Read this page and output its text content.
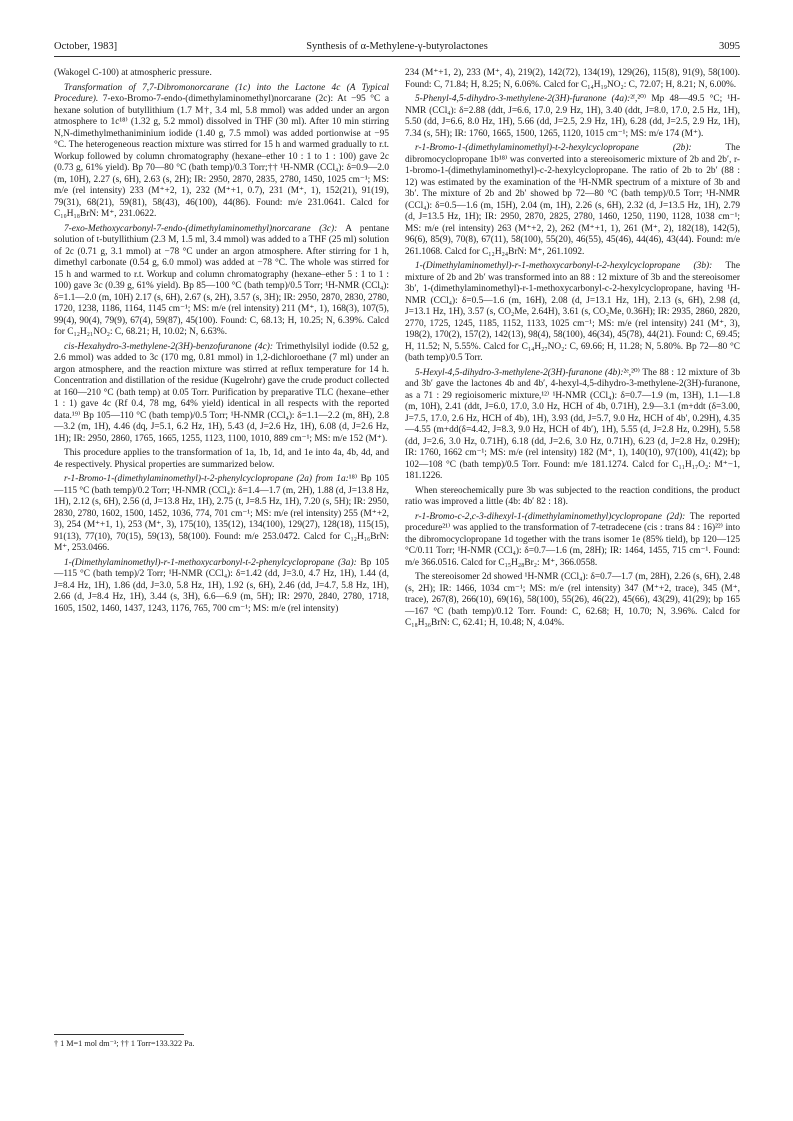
October, 1983]	Synthesis of α-Methylene-γ-butyrolactones	3095

(Wakogel C-100) at atmospheric pressure.

Transformation of 7,7-Dibromonorcarane (1c) into the Lactone 4c (A Typical Procedure). 7-exo-Bromo-7-endo-(dimethylaminomethyl)norcarane (2c): At −95 °C a hexane solution of butyllithium (1.7 M†, 3.4 ml, 5.8 mmol) was added under an argon atmosphere to 1c¹⁸⁾ (1.32 g, 5.2 mmol) dissolved in THF (30 ml). After 10 min stirring N,N-dimethylmethaniminium iodide (1.40 g, 7.5 mmol) was added portionwise at −95 °C. The heterogeneous reaction mixture was stirred for 15 h and warmed gradually to r.t. Workup followed by column chromatography (hexane–ether 10 : 1 to 1 : 100) gave 2c (0.73 g, 61% yield). Bp 70—80 °C (bath temp)/0.3 Torr;†† ¹H-NMR (CCl₄): δ=0.9—2.0 (m, 10H), 2.27 (s, 6H), 2.63 (s, 2H); IR: 2950, 2870, 2835, 2780, 1450, 1025 cm⁻¹; MS: m/e (rel intensity) 233 (M⁺+2, 1), 232 (M⁺+1, 0.7), 231 (M⁺, 1), 152(21), 91(19), 79(31), 68(21), 59(81), 58(43), 46(100), 44(86). Found: m/e 231.0641. Calcd for C₁₀H₁₈BrN: M⁺, 231.0622.

7-exo-Methoxycarbonyl-7-endo-(dimethylaminomethyl)norcarane (3c): A pentane solution of t-butyllithium (2.3 M, 1.5 ml, 3.4 mmol) was added to a THF (25 ml) solution of 2c (0.71 g, 3.1 mmol) at −78 °C under an argon atmosphere. After stirring for 1 h, dimethyl carbonate (0.54 g, 6.0 mmol) was added at −78 °C. The whole was stirred for 15 h and warmed to r.t. Workup and column chromatography (hexane–ether 5 : 1 to 1 : 100) gave 3c (0.39 g, 61% yield). Bp 85—100 °C (bath temp)/0.5 Torr; ¹H-NMR (CCl₄): δ=1.1—2.0 (m, 10H) 2.17 (s, 6H), 2.67 (s, 2H), 3.57 (s, 3H); IR: 2950, 2870, 2830, 2780, 1720, 1238, 1186, 1164, 1145 cm⁻¹; MS: m/e (rel intensity) 211 (M⁺, 1), 168(3), 107(5), 99(4), 90(4), 79(9), 67(4), 59(87), 45(100). Found: C, 68.13; H, 10.25; N, 6.39%. Calcd for C₁₂H₂₁NO₂: C, 68.21; H, 10.02; N, 6.63%.

cis-Hexahydro-3-methylene-2(3H)-benzofuranone (4c): Trimethylsilyl iodide (0.52 g, 2.6 mmol) was added to 3c (170 mg, 0.81 mmol) in 1,2-dichloroethane (7 ml) under an argon atmosphere, and the reaction mixture was stirred at reflux temperature for 14 h. Concentration and distillation of the residue (Kugelrohr) gave the crude product collected at 160—210 °C (bath temp) at 0.05 Torr. Purification by preparative TLC (hexane–ether 1 : 1) gave 4c (Rf 0.4, 78 mg, 64% yield) identical in all respects with the reported data.¹⁹⁾ Bp 105—110 °C (bath temp)/0.5 Torr; ¹H-NMR (CCl₄): δ=1.1—2.2 (m, 8H), 2.8—3.2 (m, 1H), 4.46 (dq, J=5.1, 6.2 Hz, 1H), 5.43 (d, J=2.6 Hz, 1H), 6.08 (d, J=2.6 Hz, 1H); IR: 2950, 2860, 1765, 1665, 1255, 1123, 1100, 1010, 889 cm⁻¹; MS: m/e 152 (M⁺).

This procedure applies to the transformation of 1a, 1b, 1d, and 1e into 4a, 4b, 4d, and 4e respectively. Physical properties are summarized below.

r-1-Bromo-1-(dimethylaminomethyl)-t-2-phenylcyclopropane (2a) from 1a:¹⁸⁾ Bp 105—115 °C (bath temp)/0.2 Torr; ¹H-NMR (CCl₄): δ=1.4—1.7 (m, 2H), 1.88 (d, J=13.8 Hz, 1H), 2.12 (s, 6H), 2.56 (d, J=13.8 Hz, 1H), 2.75 (t, J=8.5 Hz, 1H), 7.20 (s, 5H); IR: 2950, 2830, 2780, 1602, 1500, 1452, 1036, 774, 701 cm⁻¹; MS: m/e (rel intensity) 255 (M⁺+2, 3), 254 (M⁺+1, 1), 253 (M⁺, 3), 175(10), 135(12), 134(100), 129(27), 128(18), 115(15), 91(13), 77(10), 70(15), 59(13), 58(100). Found: m/e 253.0472. Calcd for C₁₂H₁₆BrN: M⁺, 253.0466.

1-(Dimethylaminomethyl)-r-1-methoxycarbonyl-t-2-phenylcyclopropane (3a): Bp 105—115 °C (bath temp)/2 Torr; ¹H-NMR (CCl₄): δ=1.42 (dd, J=3.0, 4.7 Hz, 1H), 1.44 (d, J=8.4 Hz, 1H), 1.86 (dd, J=3.0, 5.8 Hz, 1H), 1.92 (s, 6H), 2.46 (dd, J=4.7, 5.8 Hz, 1H), 2.66 (d, J=8.4 Hz, 1H), 3.44 (s, 3H), 6.6—6.9 (m, 5H); IR: 2970, 2840, 2780, 1718, 1605, 1502, 1460, 1437, 1243, 1176, 765, 700 cm⁻¹; MS: m/e (rel intensity)

234 (M⁺+1, 2), 233 (M⁺, 4), 219(2), 142(72), 134(19), 129(26), 115(8), 91(9), 58(100). Found: C, 71.84; H, 8.25; N, 6.06%. Calcd for C₁₄H₁₉NO₂: C, 72.07; H, 8.21; N, 6.00%.

5-Phenyl-4,5-dihydro-3-methylene-2(3H)-furanone (4a):²ᶠ,²⁰⁾ Mp 48—49.5 °C; ¹H-NMR (CCl₄): δ=2.88 (ddt, J=6.6, 17.0, 2.9 Hz, 1H), 3.40 (ddt, J=8.0, 17.0, 2.5 Hz, 1H), 5.50 (dd, J=6.6, 8.0 Hz, 1H), 5.66 (dd, J=2.5, 2.9 Hz, 1H), 6.28 (dd, J=2.5, 2.9 Hz, 1H), 7.34 (s, 5H); IR: 1760, 1665, 1500, 1265, 1120, 1015 cm⁻¹; MS: m/e 174 (M⁺).

r-1-Bromo-1-(dimethylaminomethyl)-t-2-hexylcyclopropane (2b): The dibromocyclopropane 1b¹⁸⁾ was converted into a stereoisomeric mixture of 2b and 2b′, r-1-bromo-1-(dimethylaminomethyl)-c-2-hexylcyclopropane. The ratio of 2b to 2b′ (88 : 12) was estimated by the examination of the ¹H-NMR spectrum of a mixture of 3b and 3b′. The mixture of 2b and 2b′ showed bp 72—80 °C (bath temp)/0.5 Torr; ¹H-NMR (CCl₄): δ=0.5—1.6 (m, 15H), 2.04 (m, 1H), 2.26 (s, 6H), 2.32 (d, J=13.5 Hz, 1H), 2.79 (d, J=13.5 Hz, 1H); IR: 2950, 2870, 2825, 2780, 1460, 1250, 1190, 1128, 1038 cm⁻¹; MS: m/e (rel intensity) 263 (M⁺+2, 2), 262 (M⁺+1, 1), 261 (M⁺, 2), 182(18), 142(5), 96(6), 85(9), 70(8), 67(11), 58(100), 55(20), 46(55), 45(46), 44(46), 43(44). Found: m/e 261.1068. Calcd for C₁₂H₂₄BrN: M⁺, 261.1092.

1-(Dimethylaminomethyl)-r-1-methoxycarbonyl-t-2-hexylcyclopropane (3b): The mixture of 2b and 2b′ was transformed into an 88 : 12 mixture of 3b and the stereoisomer 3b′, 1-(dimethylaminomethyl)-r-1-methoxycarbonyl-c-2-hexylcyclopropane, having ¹H-NMR (CCl₄): δ=0.5—1.6 (m, 16H), 2.08 (d, J=13.1 Hz, 1H), 2.13 (s, 6H), 2.98 (d, J=13.1 Hz, 1H), 3.57 (s, CO₂Me, 2.64H), 3.61 (s, CO₂Me, 0.36H); IR: 2935, 2860, 2820, 2770, 1725, 1245, 1185, 1152, 1133, 1025 cm⁻¹; MS: m/e (rel intensity) 241 (M⁺, 3), 198(2), 170(2), 157(2), 142(13), 98(4), 58(100), 46(34), 45(78), 44(21). Found: C, 69.45; H, 11.52; N, 5.55%. Calcd for C₁₄H₂₇NO₂: C, 69.66; H, 11.28; N, 5.80%. Bp 72—80 °C (bath temp)/0.5 Torr.

5-Hexyl-4,5-dihydro-3-methylene-2(3H)-furanone (4b):²ᵉ,²⁰⁾ The 88 : 12 mixture of 3b and 3b′ gave the lactones 4b and 4b′, 4-hexyl-4,5-dihydro-3-methylene-2(3H)-furanone, as a 71 : 29 regioisomeric mixture,¹²⁾ ¹H-NMR (CCl₄): δ=0.7—1.9 (m, 13H), 1.1—1.8 (m, 10H), 2.41 (ddt, J=6.0, 17.0, 3.0 Hz, HCH of 4b, 0.71H), 2.9—3.1 (m+ddt (δ=3.00, J=7.5, 17.0, 2.6 Hz, HCH of 4b), 1H), 3.93 (dd, J=5.7, 9.0 Hz, HCH of 4b′, 0.29H), 4.35—4.55 (m+dd(δ=4.42, J=8.3, 9.0 Hz, HCH of 4b′), 1H), 5.55 (d, J=2.8 Hz, 0.29H), 5.58 (dd, J=2.6, 3.0 Hz, 0.71H), 6.18 (dd, J=2.6, 3.0 Hz, 0.71H), 6.23 (d, J=2.8 Hz, 0.29H); IR: 1760, 1662 cm⁻¹; MS: m/e (rel intensity) 182 (M⁺, 1), 140(10), 97(100), 41(42); bp 102—108 °C (bath temp)/0.5 Torr. Found: m/e 181.1274. Calcd for C₁₁H₁₇O₂: M⁺−1, 181.1226.

When stereochemically pure 3b was subjected to the reaction conditions, the product ratio was improved a little (4b: 4b′ 82 : 18).

r-1-Bromo-c-2,c-3-dihexyl-1-(dimethylaminomethyl)cyclopropane (2d): The reported procedure²¹⁾ was applied to the transformation of 7-tetradecene (cis : trans 84 : 16)²²⁾ into the dibromocyclopropane 1d together with the trans isomer 1e (85% tield), bp 120—125 °C/0.11 Torr; ¹H-NMR (CCl₄): δ=0.7—1.6 (m, 28H); IR: 1464, 1455, 715 cm⁻¹. Found: m/e 366.0516. Calcd for C₁₅H₂₈Br₂: M⁺, 366.0558.

The stereoisomer 2d showed ¹H-NMR (CCl₄): δ=0.7—1.7 (m, 28H), 2.26 (s, 6H), 2.48 (s, 2H); IR: 1466, 1034 cm⁻¹; MS: m/e (rel intensity) 347 (M⁺+2, trace), 345 (M⁺, trace), 267(8), 266(10), 69(16), 58(100), 55(26), 46(22), 45(66), 43(29), 41(29); bp 165—167 °C (bath temp)/0.12 Torr. Found: C, 62.68; H, 10.70; N, 3.96%. Calcd for C₁₈H₃₆BrN: C, 62.41; H, 10.48; N, 4.04%.

† 1 M=1 mol dm⁻³; †† 1 Torr=133.322 Pa.
